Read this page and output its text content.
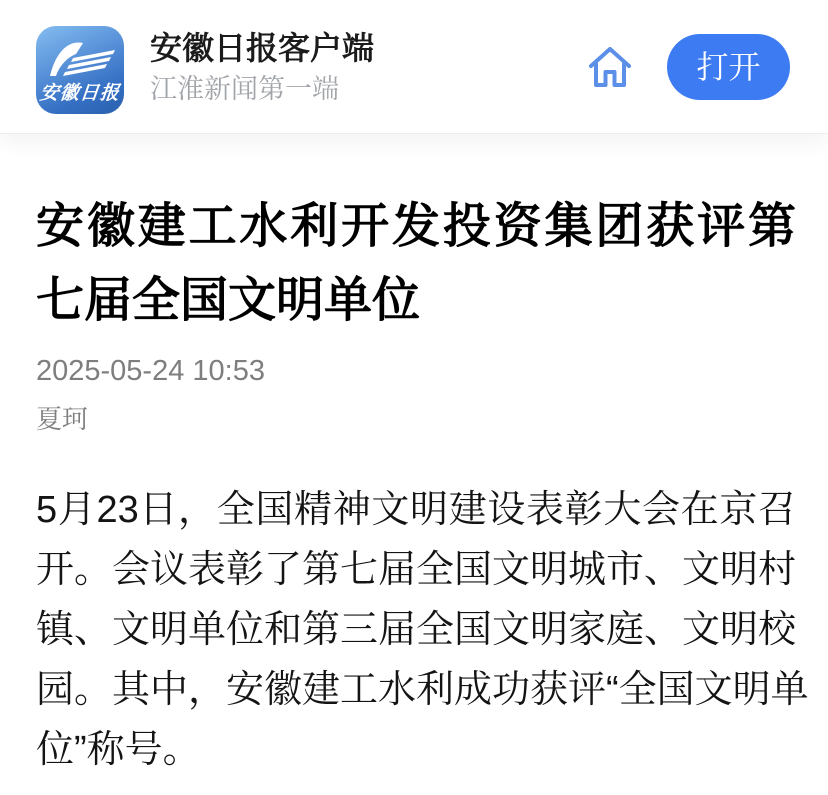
安徽日报
安徽日报客户端
江淮新闻第一端
打开
安徽建工水利开发投资集团获评第
七届全国文明单位
2025-05-24 10:53
夏珂
5月23日，全国精神文明建设表彰大会在京召
开。会议表彰了第七届全国文明城市、文明村
镇、文明单位和第三届全国文明家庭、文明校
园。其中，安徽建工水利成功获评“全国文明单
位”称号。
